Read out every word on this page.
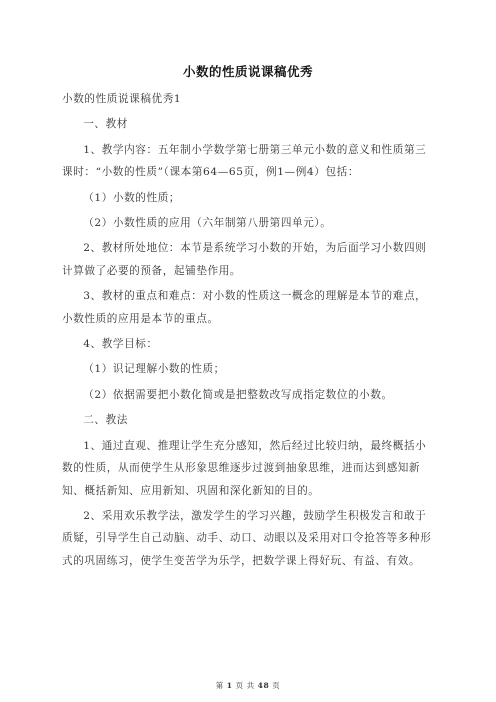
小数的性质说课稿优秀

小数的性质说课稿优秀1

一、教材

1、教学内容：五年制小学数学第七册第三单元小数的意义和性质第三课时：“小数的性质”（课本第64—65页，例1—例4）包括：

（1）小数的性质；

（2）小数性质的应用（六年制第八册第四单元）。

2、教材所处地位：本节是系统学习小数的开始，为后面学习小数四则计算做了必要的预备，起铺垫作用。

3、教材的重点和难点：对小数的性质这一概念的理解是本节的难点，小数性质的应用是本节的重点。

4、教学目标：

（1）识记理解小数的性质；

（2）依据需要把小数化简或是把整数改写成指定数位的小数。

二、教法

1、通过直观、推理让学生充分感知，然后经过比较归纳，最终概括小数的性质，从而使学生从形象思维逐步过渡到抽象思维，进而达到感知新知、概括新知、应用新知、巩固和深化新知的目的。

2、采用欢乐教学法，激发学生的学习兴趣，鼓励学生积极发言和敢于质疑，引导学生自己动脑、动手、动口、动眼以及采用对口令抢答等多种形式的巩固练习，使学生变苦学为乐学，把数学课上得好玩、有益、有效。

第 1 页 共 48 页
